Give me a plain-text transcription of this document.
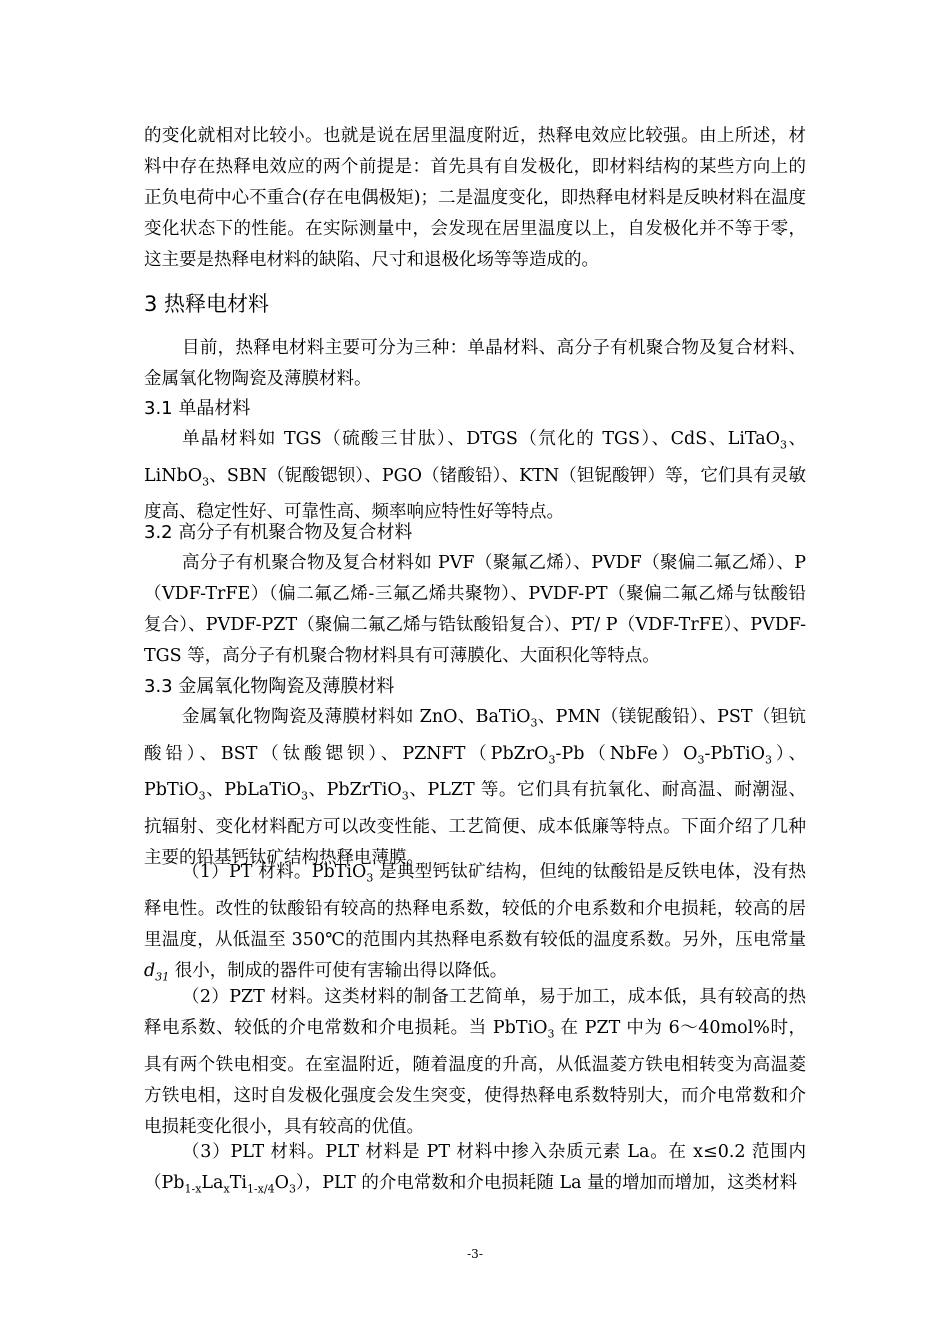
的变化就相对比较小。也就是说在居里温度附近，热释电效应比较强。由上所述，材料中存在热释电效应的两个前提是：首先具有自发极化，即材料结构的某些方向上的正负电荷中心不重合(存在电偶极矩)；二是温度变化，即热释电材料是反映材料在温度变化状态下的性能。在实际测量中，会发现在居里温度以上，自发极化并不等于零，这主要是热释电材料的缺陷、尺寸和退极化场等等造成的。

3 热释电材料

目前，热释电材料主要可分为三种：单晶材料、高分子有机聚合物及复合材料、金属氧化物陶瓷及薄膜材料。

3.1 单晶材料

单晶材料如 TGS（硫酸三甘肽）、DTGS（氘化的 TGS）、CdS、LiTaO$_3$、LiNbO$_3$、SBN（铌酸锶钡）、PGO（锗酸铅）、KTN（钽铌酸钾）等，它们具有灵敏度高、稳定性好、可靠性高、频率响应特性好等特点。

3.2 高分子有机聚合物及复合材料

高分子有机聚合物及复合材料如 PVF（聚氟乙烯）、PVDF（聚偏二氟乙烯）、P（VDF-TrFE）（偏二氟乙烯-三氟乙烯共聚物）、PVDF-PT（聚偏二氟乙烯与钛酸铅复合）、PVDF-PZT（聚偏二氟乙烯与锆钛酸铅复合）、PT/ P（VDF-TrFE）、PVDF-TGS 等，高分子有机聚合物材料具有可薄膜化、大面积化等特点。

3.3 金属氧化物陶瓷及薄膜材料

金属氧化物陶瓷及薄膜材料如 ZnO、BaTiO$_3$、PMN（镁铌酸铅）、PST（钽钪酸铅）、BST（钛酸锶钡）、$PZNFT(PbZrO_3-Pb(NbFe)O_3-PbTiO_3)$、PbTiO$_3$、PbLaTiO$_3$、PbZrTiO$_3$、PLZT 等。它们具有抗氧化、耐高温、耐潮湿、抗辐射、变化材料配方可以改变性能、工艺简便、成本低廉等特点。下面介绍了几种主要的铅基钙钛矿结构热释电薄膜。

（1）PT 材料。PbTiO$_3$ 是典型钙钛矿结构，但纯的钛酸铅是反铁电体，没有热释电性。改性的钛酸铅有较高的热释电系数，较低的介电系数和介电损耗，较高的居里温度，从低温至 350℃的范围内其热释电系数有较低的温度系数。另外，压电常量 $d_{31}$ 很小，制成的器件可使有害输出得以降低。

（2）PZT 材料。这类材料的制备工艺简单，易于加工，成本低，具有较高的热释电系数、较低的介电常数和介电损耗。当 PbTiO$_3$ 在 PZT 中为 6～40mol%时，具有两个铁电相变。在室温附近，随着温度的升高，从低温菱方铁电相转变为高温菱方铁电相，这时自发极化强度会发生突变，使得热释电系数特别大，而介电常数和介电损耗变化很小，具有较高的优值。

（3）PLT 材料。PLT 材料是 PT 材料中掺入杂质元素 La。在 x≤0.2 范围内$(Pb_{1-x}La_xTi_{1-x/4}O_3)$，PLT 的介电常数和介电损耗随 La 量的增加而增加，这类材料

-3-
